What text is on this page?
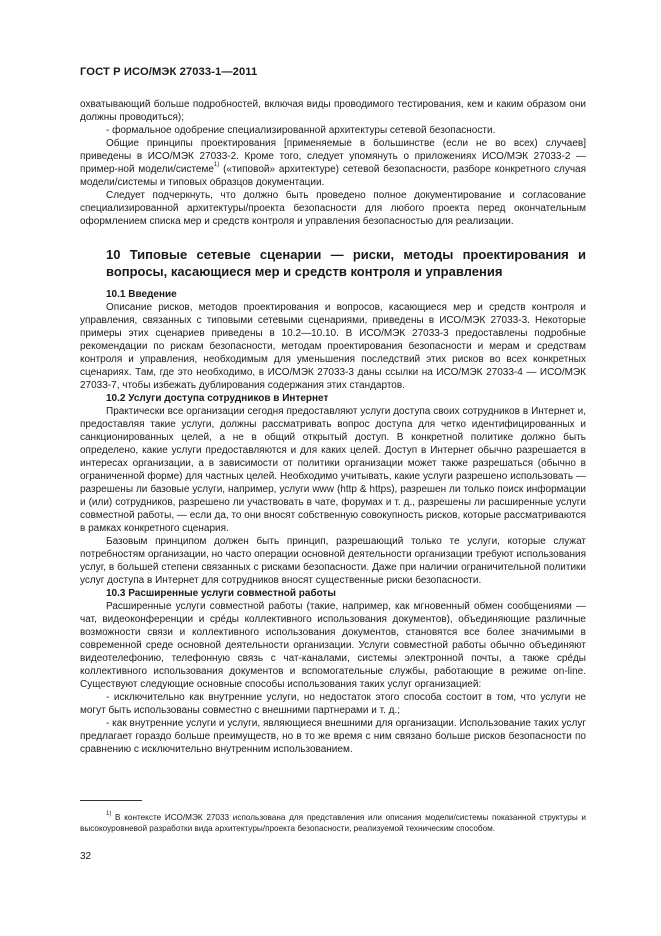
ГОСТ Р ИСО/МЭК 27033-1—2011

охватывающий больше подробностей, включая виды проводимого тестирования, кем и каким образом они должны проводиться);

- формальное одобрение специализированной архитектуры сетевой безопасности.

Общие принципы проектирования [применяемые в большинстве (если не во всех) случаев] приведены в ИСО/МЭК 27033-2. Кроме того, следует упомянуть о приложениях ИСО/МЭК 27033-2 — пример-ной модели/системе$^{1)}$ («типовой» архитектуре) сетевой безопасности, разборе конкретного случая модели/системы и типовых образцов документации.

Следует подчеркнуть, что должно быть проведено полное документирование и согласование специализированной архитектуры/проекта безопасности для любого проекта перед окончательным оформлением списка мер и средств контроля и управления безопасностью для реализации.

10 Типовые сетевые сценарии — риски, методы проектирования и вопросы, касающиеся мер и средств контроля и управления

10.1 Введение

Описание рисков, методов проектирования и вопросов, касающиеся мер и средств контроля и управления, связанных с типовыми сетевыми сценариями, приведены в ИСО/МЭК 27033-3. Некоторые примеры этих сценариев приведены в 10.2—10.10. В ИСО/МЭК 27033-3 предоставлены подробные рекомендации по рискам безопасности, методам проектирования безопасности и мерам и средствам контроля и управления, необходимым для уменьшения последствий этих рисков во всех конкретных сценариях. Там, где это необходимо, в ИСО/МЭК 27033-3 даны ссылки на ИСО/МЭК 27033-4 — ИСО/МЭК 27033-7, чтобы избежать дублирования содержания этих стандартов.

10.2 Услуги доступа сотрудников в Интернет

Практически все организации сегодня предоставляют услуги доступа своих сотрудников в Интернет и, предоставляя такие услуги, должны рассматривать вопрос доступа для четко идентифицированных и санкционированных целей, а не в общий открытый доступ. В конкретной политике должно быть определено, какие услуги предоставляются и для каких целей. Доступ в Интернет обычно разрешается в интересах организации, а в зависимости от политики организации может также разрешаться (обычно в ограниченной форме) для частных целей. Необходимо учитывать, какие услуги разрешено использовать — разрешены ли базовые услуги, например, услуги www (http & https), разрешен ли только поиск информации и (или) сотрудников, разрешено ли участвовать в чате, форумах и т. д., разрешены ли расширенные услуги совместной работы, — если да, то они вносят собственную совокупность рисков, которые рассматриваются в рамках конкретного сценария.

Базовым принципом должен быть принцип, разрешающий только те услуги, которые служат потребностям организации, но часто операции основной деятельности организации требуют использования услуг, в большей степени связанных с рисками безопасности. Даже при наличии ограничительной политики услуг доступа в Интернет для сотрудников вносят существенные риски безопасности.

10.3 Расширенные услуги совместной работы

Расширенные услуги совместной работы (такие, например, как мгновенный обмен сообщениями — чат, видеоконференции и сре́ды коллективного использования документов), объединяющие различные возможности связи и коллективного использования документов, становятся все более значимыми в современной среде основной деятельности организации. Услуги совместной работы обычно объединяют видеотелефонию, телефонную связь с чат-каналами, системы электронной почты, а также сре́ды коллективного использования документов и вспомогательные службы, работающие в режиме on-line. Существуют следующие основные способы использования таких услуг организацией:

- исключительно как внутренние услуги, но недостаток этого способа состоит в том, что услуги не могут быть использованы совместно с внешними партнерами и т. д.;

- как внутренние услуги и услуги, являющиеся внешними для организации. Использование таких услуг предлагает гораздо больше преимуществ, но в то же время с ним связано больше рисков безопасности по сравнению с исключительно внутренним использованием.

$^{1)}$ В контексте ИСО/МЭК 27033 использована для представления или описания модели/системы показанной структуры и высокоуровневой разработки вида архитектуры/проекта безопасности, реализуемой техническим способом.

32
